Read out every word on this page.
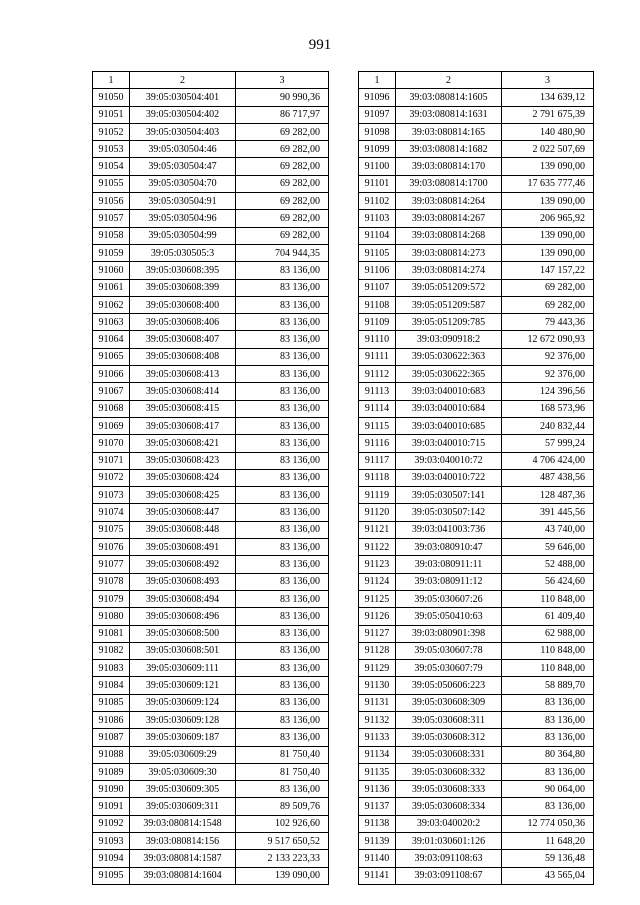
991
1	2	3
91050	39:05:030504:401	90 990,36
91051	39:05:030504:402	86 717,97
91052	39:05:030504:403	69 282,00
91053	39:05:030504:46	69 282,00
91054	39:05:030504:47	69 282,00
91055	39:05:030504:70	69 282,00
91056	39:05:030504:91	69 282,00
91057	39:05:030504:96	69 282,00
91058	39:05:030504:99	69 282,00
91059	39:05:030505:3	704 944,35
91060	39:05:030608:395	83 136,00
91061	39:05:030608:399	83 136,00
91062	39:05:030608:400	83 136,00
91063	39:05:030608:406	83 136,00
91064	39:05:030608:407	83 136,00
91065	39:05:030608:408	83 136,00
91066	39:05:030608:413	83 136,00
91067	39:05:030608:414	83 136,00
91068	39:05:030608:415	83 136,00
91069	39:05:030608:417	83 136,00
91070	39:05:030608:421	83 136,00
91071	39:05:030608:423	83 136,00
91072	39:05:030608:424	83 136,00
91073	39:05:030608:425	83 136,00
91074	39:05:030608:447	83 136,00
91075	39:05:030608:448	83 136,00
91076	39:05:030608:491	83 136,00
91077	39:05:030608:492	83 136,00
91078	39:05:030608:493	83 136,00
91079	39:05:030608:494	83 136,00
91080	39:05:030608:496	83 136,00
91081	39:05:030608:500	83 136,00
91082	39:05:030608:501	83 136,00
91083	39:05:030609:111	83 136,00
91084	39:05:030609:121	83 136,00
91085	39:05:030609:124	83 136,00
91086	39:05:030609:128	83 136,00
91087	39:05:030609:187	83 136,00
91088	39:05:030609:29	81 750,40
91089	39:05:030609:30	81 750,40
91090	39:05:030609:305	83 136,00
91091	39:05:030609:311	89 509,76
91092	39:03:080814:1548	102 926,60
91093	39:03:080814:156	9 517 650,52
91094	39:03:080814:1587	2 133 223,33
91095	39:03:080814:1604	139 090,00
1	2	3
91096	39:03:080814:1605	134 639,12
91097	39:03:080814:1631	2 791 675,39
91098	39:03:080814:165	140 480,90
91099	39:03:080814:1682	2 022 507,69
91100	39:03:080814:170	139 090,00
91101	39:03:080814:1700	17 635 777,46
91102	39:03:080814:264	139 090,00
91103	39:03:080814:267	206 965,92
91104	39:03:080814:268	139 090,00
91105	39:03:080814:273	139 090,00
91106	39:03:080814:274	147 157,22
91107	39:05:051209:572	69 282,00
91108	39:05:051209:587	69 282,00
91109	39:05:051209:785	79 443,36
91110	39:03:090918:2	12 672 090,93
91111	39:05:030622:363	92 376,00
91112	39:05:030622:365	92 376,00
91113	39:03:040010:683	124 396,56
91114	39:03:040010:684	168 573,96
91115	39:03:040010:685	240 832,44
91116	39:03:040010:715	57 999,24
91117	39:03:040010:72	4 706 424,00
91118	39:03:040010:722	487 438,56
91119	39:05:030507:141	128 487,36
91120	39:05:030507:142	391 445,56
91121	39:03:041003:736	43 740,00
91122	39:03:080910:47	59 646,00
91123	39:03:080911:11	52 488,00
91124	39:03:080911:12	56 424,60
91125	39:05:030607:26	110 848,00
91126	39:05:050410:63	61 409,40
91127	39:03:080901:398	62 988,00
91128	39:05:030607:78	110 848,00
91129	39:05:030607:79	110 848,00
91130	39:05:050606:223	58 889,70
91131	39:05:030608:309	83 136,00
91132	39:05:030608:311	83 136,00
91133	39:05:030608:312	83 136,00
91134	39:05:030608:331	80 364,80
91135	39:05:030608:332	83 136,00
91136	39:05:030608:333	90 064,00
91137	39:05:030608:334	83 136,00
91138	39:03:040020:2	12 774 050,36
91139	39:01:030601:126	11 648,20
91140	39:03:091108:63	59 136,48
91141	39:03:091108:67	43 565,04
